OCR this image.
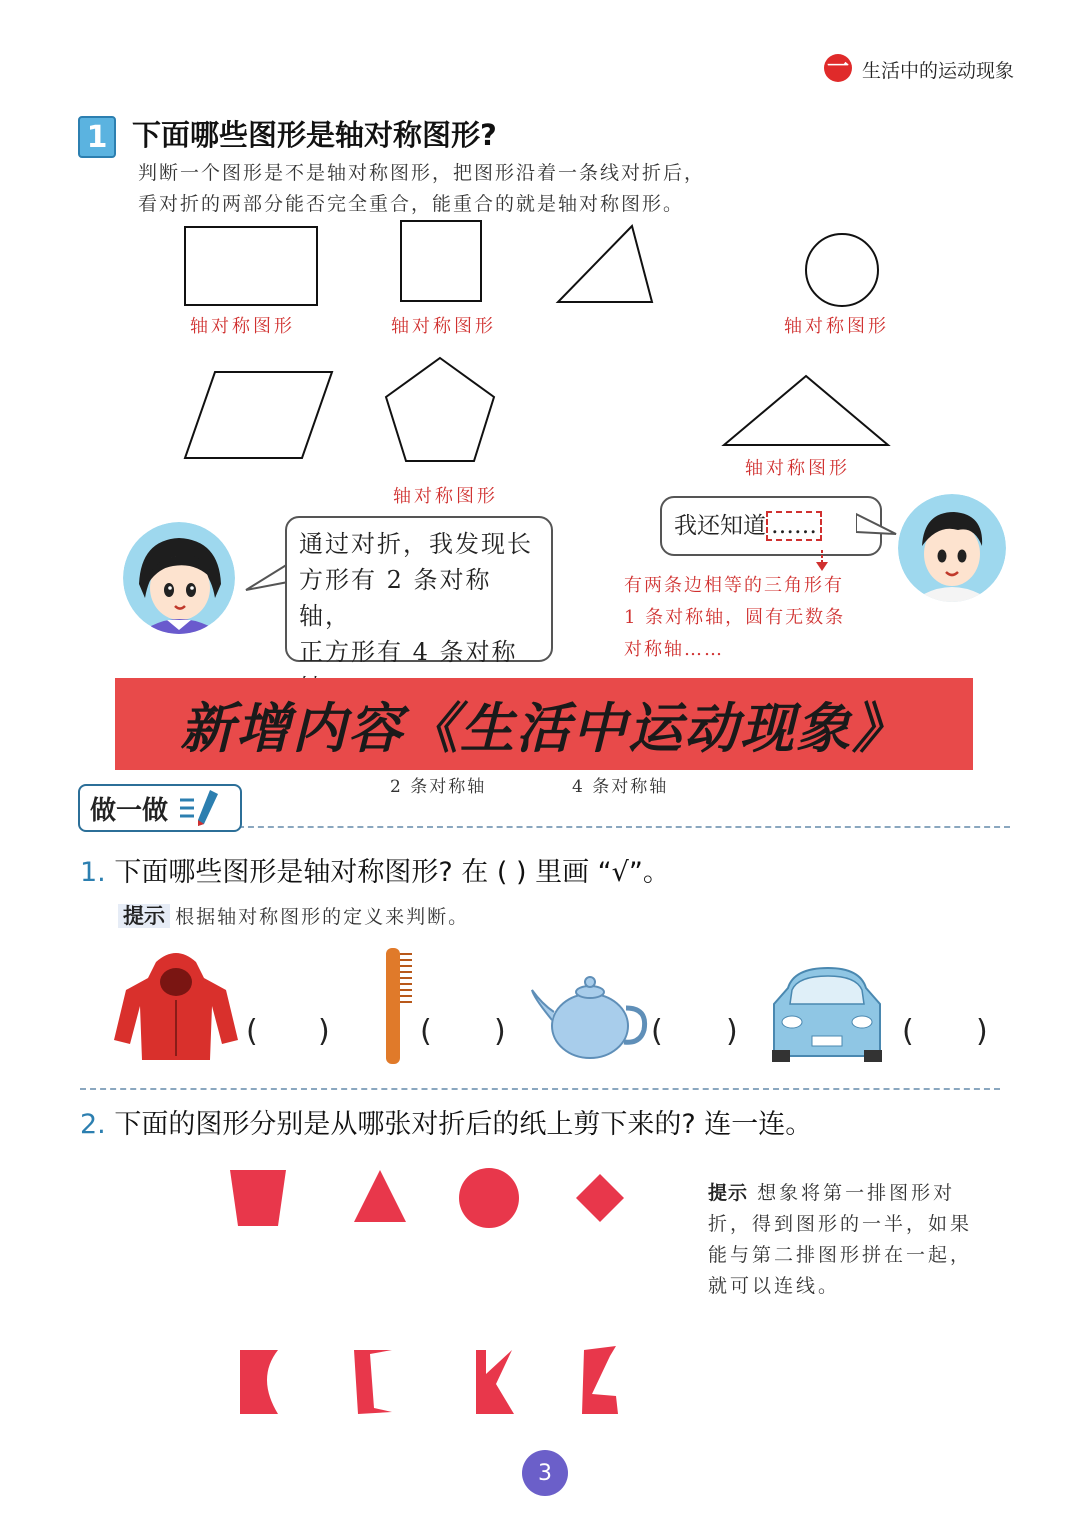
一 生活中的运动现象
1 下面哪些图形是轴对称图形?
判断一个图形是不是轴对称图形，把图形沿着一条线对折后，
看对折的两部分能否完全重合，能重合的就是轴对称图形。
轴对称图形	轴对称图形	轴对称图形
轴对称图形
轴对称图形
通过对折，我发现长
方形有 2 条对称轴，
正方形有 4 条对称
我还知道 ……
有两条边相等的三角形有
1 条对称轴，圆有无数条
对称轴……
新增内容《生活中运动现象》
2 条对称轴	4 条对称轴
做一做
1. 下面哪些图形是轴对称图形? 在 ( ) 里画 “√”。
提示 根据轴对称图形的定义来判断。
( )	( )	( )	( )
2. 下面的图形分别是从哪张对折后的纸上剪下来的? 连一连。
提示 想象将第一排图形对
折，得到图形的一半，如果
能与第二排图形拼在一起，
就可以连线。
3
